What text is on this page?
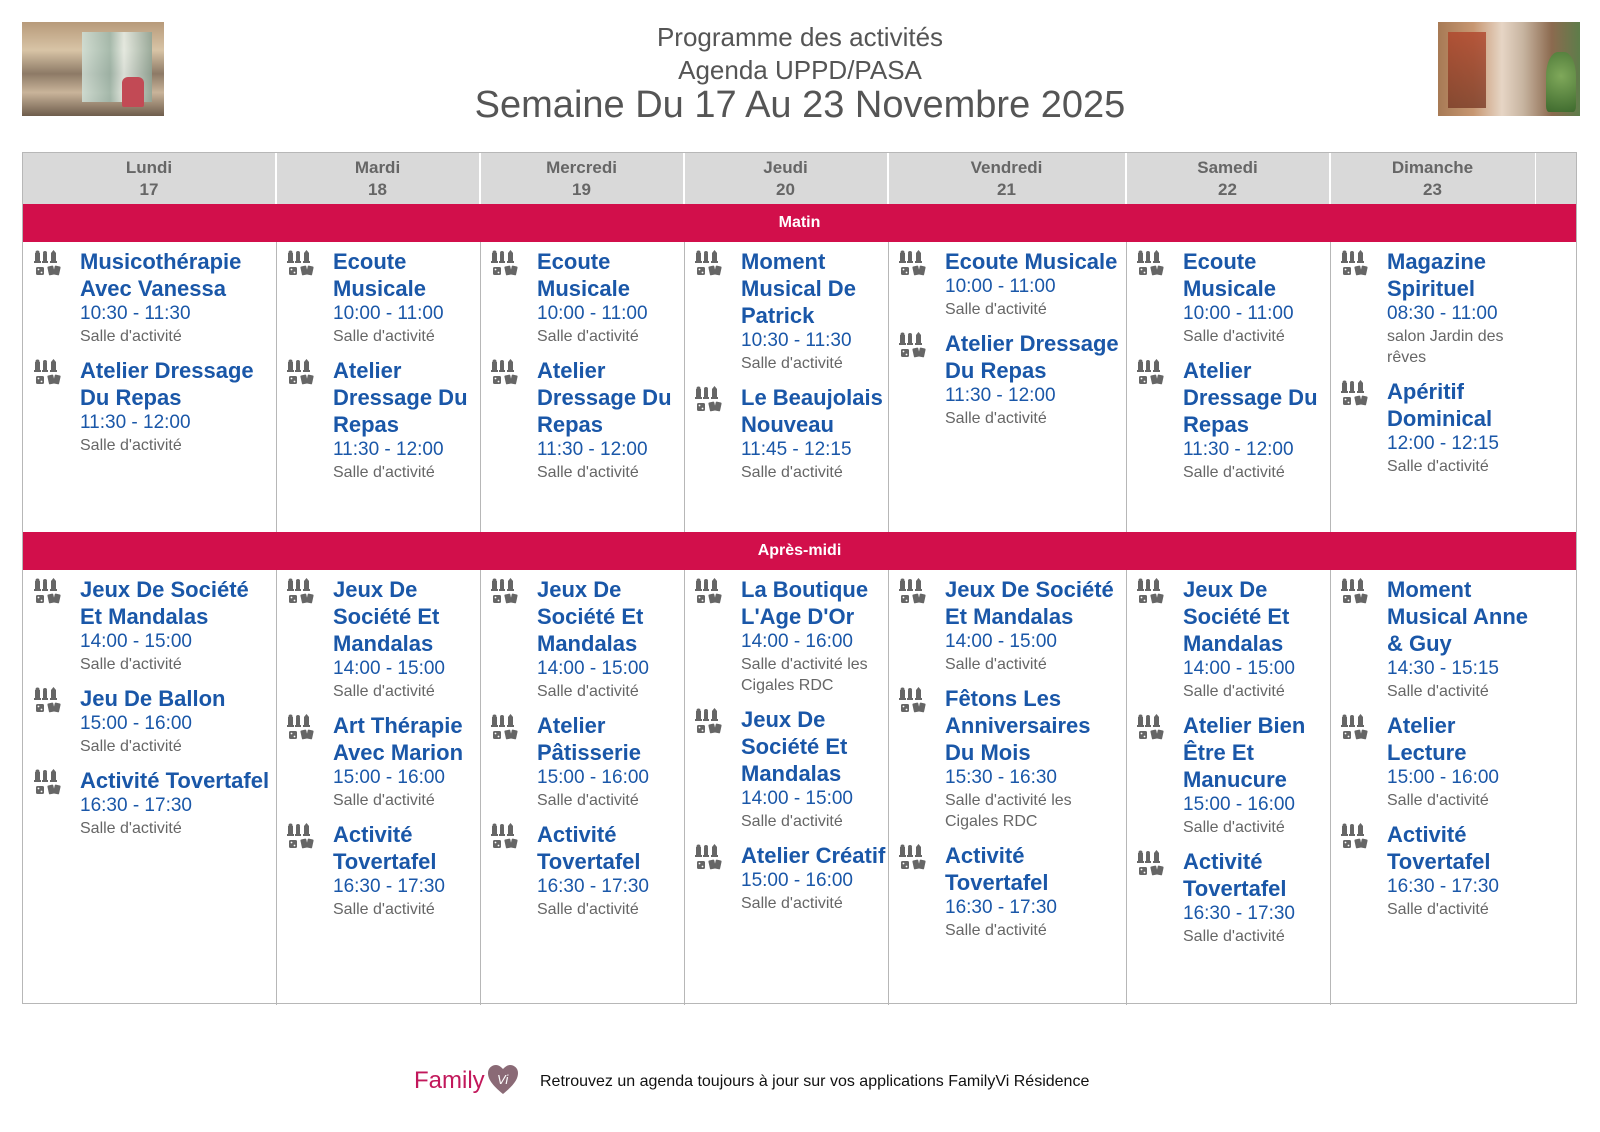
Programme des activités
Agenda UPPD/PASA
Semaine Du 17 Au 23 Novembre 2025
Lundi
17
Mardi
18
Mercredi
19
Jeudi
20
Vendredi
21
Samedi
22
Dimanche
23
Matin
Après-midi
Musicothérapie Avec Vanessa
10:30 - 11:30
Salle d'activité
Atelier Dressage Du Repas
11:30 - 12:00
Salle d'activité
Ecoute Musicale
10:00 - 11:00
Salle d'activité
Atelier Dressage Du Repas
11:30 - 12:00
Salle d'activité
Ecoute Musicale
10:00 - 11:00
Salle d'activité
Atelier Dressage Du Repas
11:30 - 12:00
Salle d'activité
Moment Musical De Patrick
10:30 - 11:30
Salle d'activité
Le Beaujolais Nouveau
11:45 - 12:15
Salle d'activité
Ecoute Musicale
10:00 - 11:00
Salle d'activité
Atelier Dressage Du Repas
11:30 - 12:00
Salle d'activité
Ecoute Musicale
10:00 - 11:00
Salle d'activité
Atelier Dressage Du Repas
11:30 - 12:00
Salle d'activité
Magazine Spirituel
08:30 - 11:00
salon Jardin des rêves
Apéritif Dominical
12:00 - 12:15
Salle d'activité
Jeux De Société Et Mandalas
14:00 - 15:00
Salle d'activité
Jeu De Ballon
15:00 - 16:00
Salle d'activité
Activité Tovertafel
16:30 - 17:30
Salle d'activité
Jeux De Société Et Mandalas
14:00 - 15:00
Salle d'activité
Art Thérapie Avec Marion
15:00 - 16:00
Salle d'activité
Activité Tovertafel
16:30 - 17:30
Salle d'activité
Jeux De Société Et Mandalas
14:00 - 15:00
Salle d'activité
Atelier Pâtisserie
15:00 - 16:00
Salle d'activité
Activité Tovertafel
16:30 - 17:30
Salle d'activité
La Boutique L'Age D'Or
14:00 - 16:00
Salle d'activité les Cigales RDC
Jeux De Société Et Mandalas
14:00 - 15:00
Salle d'activité
Atelier Créatif
15:00 - 16:00
Salle d'activité
Jeux De Société Et Mandalas
14:00 - 15:00
Salle d'activité
Fêtons Les Anniversaires Du Mois
15:30 - 16:30
Salle d'activité les Cigales RDC
Activité Tovertafel
16:30 - 17:30
Salle d'activité
Jeux De Société Et Mandalas
14:00 - 15:00
Salle d'activité
Atelier Bien Être Et Manucure
15:00 - 16:00
Salle d'activité
Activité Tovertafel
16:30 - 17:30
Salle d'activité
Moment Musical Anne & Guy
14:30 - 15:15
Salle d'activité
Atelier Lecture
15:00 - 16:00
Salle d'activité
Activité Tovertafel
16:30 - 17:30
Salle d'activité
Family Vi Retrouvez un agenda toujours à jour sur vos applications FamilyVi Résidence
